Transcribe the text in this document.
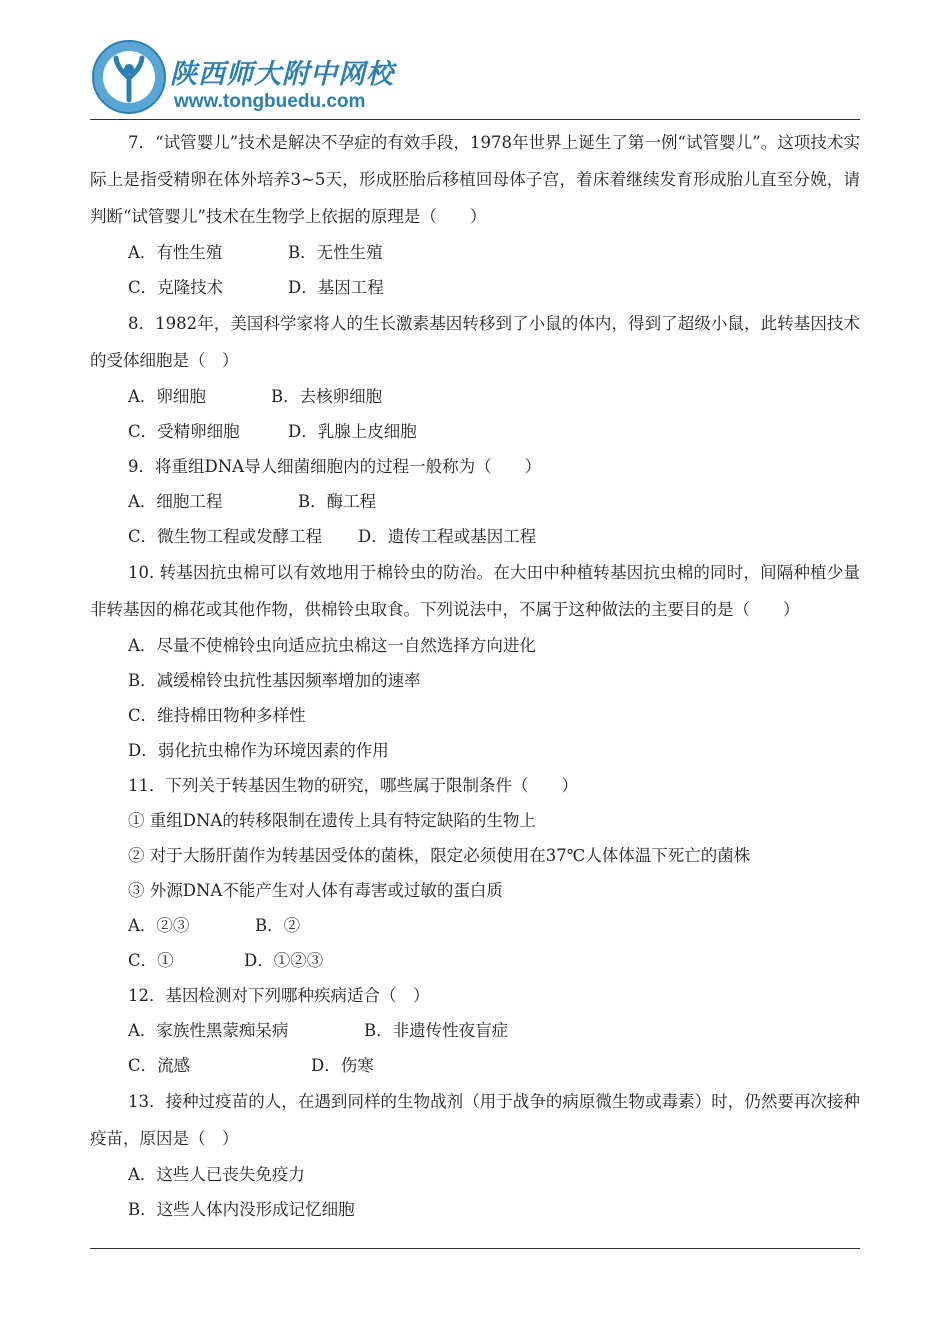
陕西师大附中网校
www.tongbuedu.com
7．“试管婴儿”技术是解决不孕症的有效手段，1978年世界上诞生了第一例“试管婴儿”。这项技术实际上是指受精卵在体外培养3~5天，形成胚胎后移植回母体子宫，着床着继续发育形成胎儿直至分娩，请判断“试管婴儿”技术在生物学上依据的原理是（　　）
A．有性生殖	B．无性生殖
C．克隆技术	D．基因工程
8．1982年，美国科学家将人的生长激素基因转移到了小鼠的体内，得到了超级小鼠，此转基因技术的受体细胞是（　）
A．卵细胞	B．去核卵细胞
C．受精卵细胞	D．乳腺上皮细胞
9．将重组DNA导人细菌细胞内的过程一般称为（　　）
A．细胞工程	B．酶工程
C．微生物工程或发酵工程 D．遗传工程或基因工程
10. 转基因抗虫棉可以有效地用于棉铃虫的防治。在大田中种植转基因抗虫棉的同时，间隔种植少量非转基因的棉花或其他作物，供棉铃虫取食。下列说法中，不属于这种做法的主要目的是（　　）
A．尽量不使棉铃虫向适应抗虫棉这一自然选择方向进化
B．减缓棉铃虫抗性基因频率增加的速率
C．维持棉田物种多样性
D．弱化抗虫棉作为环境因素的作用
11．下列关于转基因生物的研究，哪些属于限制条件（　　）
① 重组DNA的转移限制在遗传上具有特定缺陷的生物上
② 对于大肠肝菌作为转基因受体的菌株，限定必须使用在37℃人体体温下死亡的菌株
③ 外源DNA不能产生对人体有毒害或过敏的蛋白质
A．②③	B．②
C．①	D．①②③
12．基因检测对下列哪种疾病适合（　）
A．家族性黑蒙痴呆病	B．非遗传性夜盲症
C．流感	D．伤寒
13．接种过疫苗的人，在遇到同样的生物战剂（用于战争的病原微生物或毒素）时，仍然要再次接种疫苗，原因是（　）
A．这些人已丧失免疫力
B．这些人体内没形成记忆细胞
